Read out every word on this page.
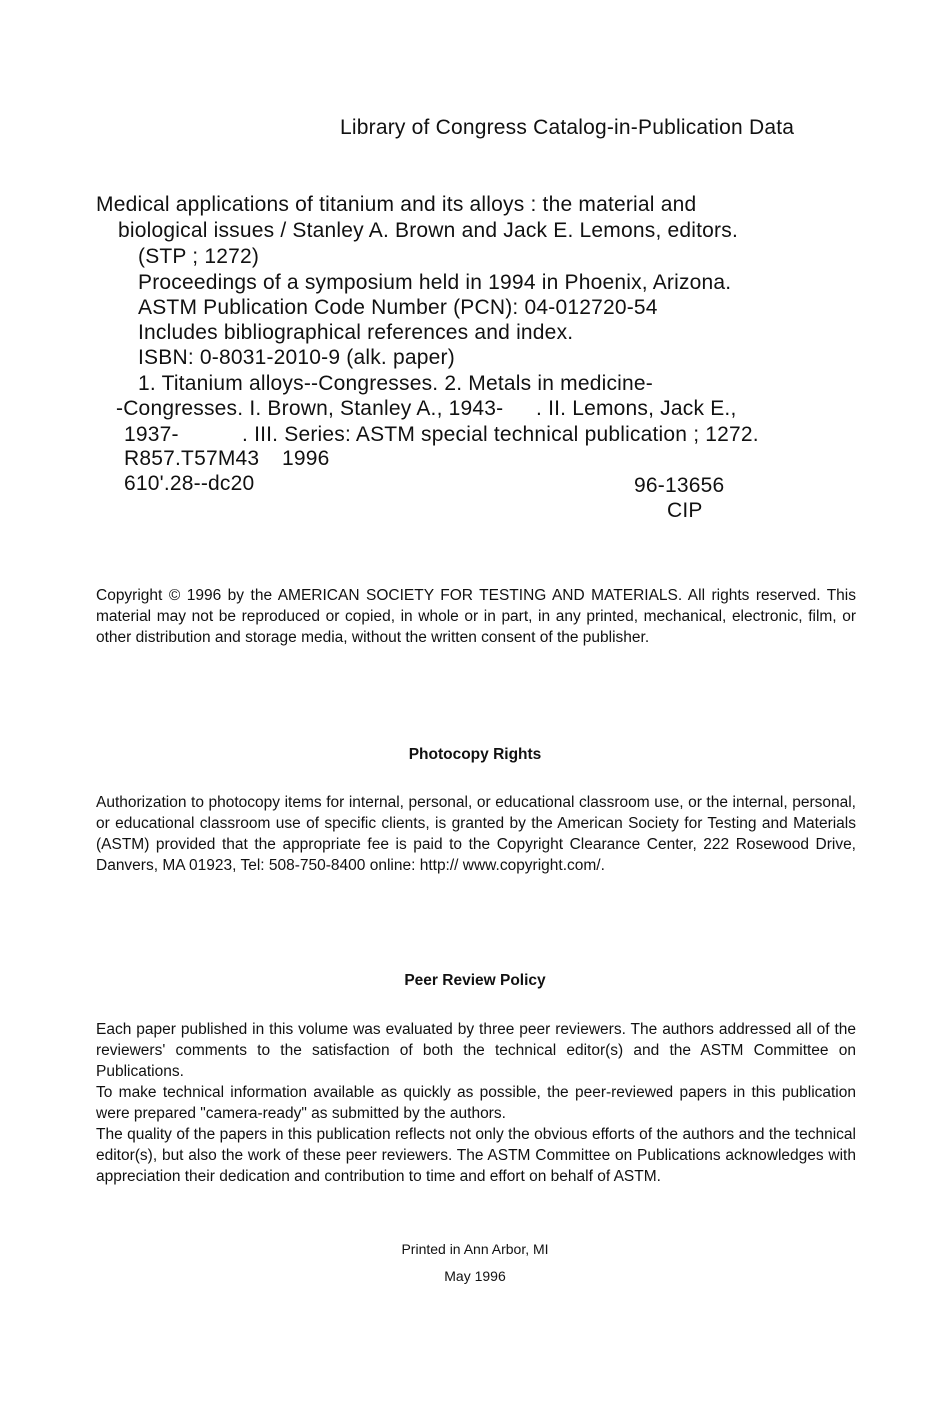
Library of Congress Catalog-in-Publication Data
Medical applications of titanium and its alloys : the material and
biological issues / Stanley A. Brown and Jack E. Lemons, editors.
(STP ; 1272)
Proceedings of a symposium held in 1994 in Phoenix, Arizona.
ASTM Publication Code Number (PCN): 04-012720-54
Includes bibliographical references and index.
ISBN: 0-8031-2010-9 (alk. paper)
1. Titanium alloys--Congresses. 2. Metals in medicine-
-Congresses. I. Brown, Stanley A., 1943- . II. Lemons, Jack E.,
1937-	. III. Series: ASTM special technical publication ; 1272.
R857.T57M43 1996
610'.28--dc20	96-13656
CIP

Copyright © 1996 by the AMERICAN SOCIETY FOR TESTING AND MATERIALS. All rights reserved. This material may not be reproduced or copied, in whole or in part, in any printed, mechanical, electronic, film, or other distribution and storage media, without the written consent of the publisher.

Photocopy Rights

Authorization to photocopy items for internal, personal, or educational classroom use, or the internal, personal, or educational classroom use of specific clients, is granted by the American Society for Testing and Materials (ASTM) provided that the appropriate fee is paid to the Copyright Clearance Center, 222 Rosewood Drive, Danvers, MA 01923, Tel: 508-750-8400 online: http:// www.copyright.com/.

Peer Review Policy

Each paper published in this volume was evaluated by three peer reviewers. The authors addressed all of the reviewers' comments to the satisfaction of both the technical editor(s) and the ASTM Committee on Publications.

To make technical information available as quickly as possible, the peer-reviewed papers in this publication were prepared "camera-ready" as submitted by the authors.

The quality of the papers in this publication reflects not only the obvious efforts of the authors and the technical editor(s), but also the work of these peer reviewers. The ASTM Committee on Publications acknowledges with appreciation their dedication and contribution to time and effort on behalf of ASTM.

Printed in Ann Arbor, MI
May 1996
